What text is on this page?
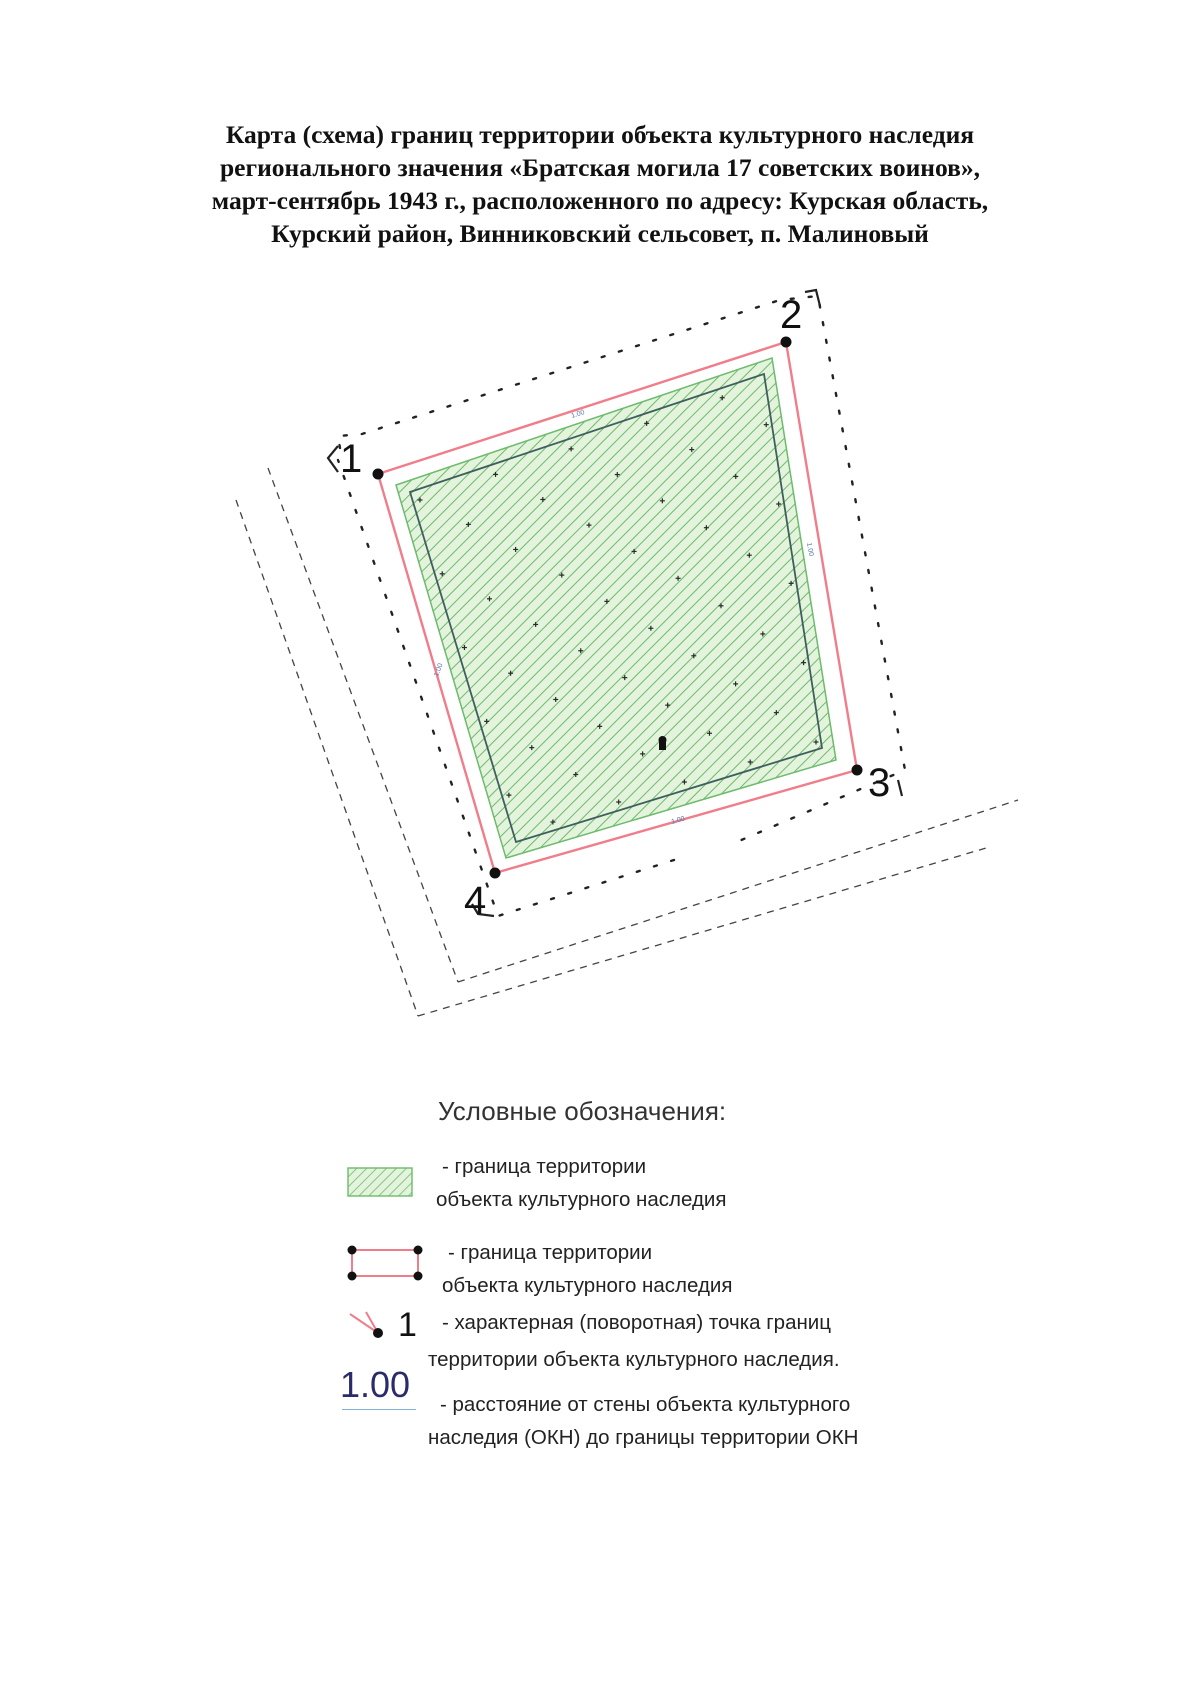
Карта (схема) границ территории объекта культурного наследия
регионального значения «Братская могила 17 советских воинов»,
март-сентябрь 1943 г., расположенного по адресу: Курская область,
Курский район, Винниковский сельсовет, п. Малиновый
1.00
1.00
1.00
1.00
1
2
3
4
Условные обозначения:
- граница территории
объекта культурного наследия
- граница территории
объекта культурного наследия
1	- характерная (поворотная) точка границ
территории объекта культурного наследия.
1.00	- расстояние от стены объекта культурного
наследия (ОКН) до границы территории ОКН
